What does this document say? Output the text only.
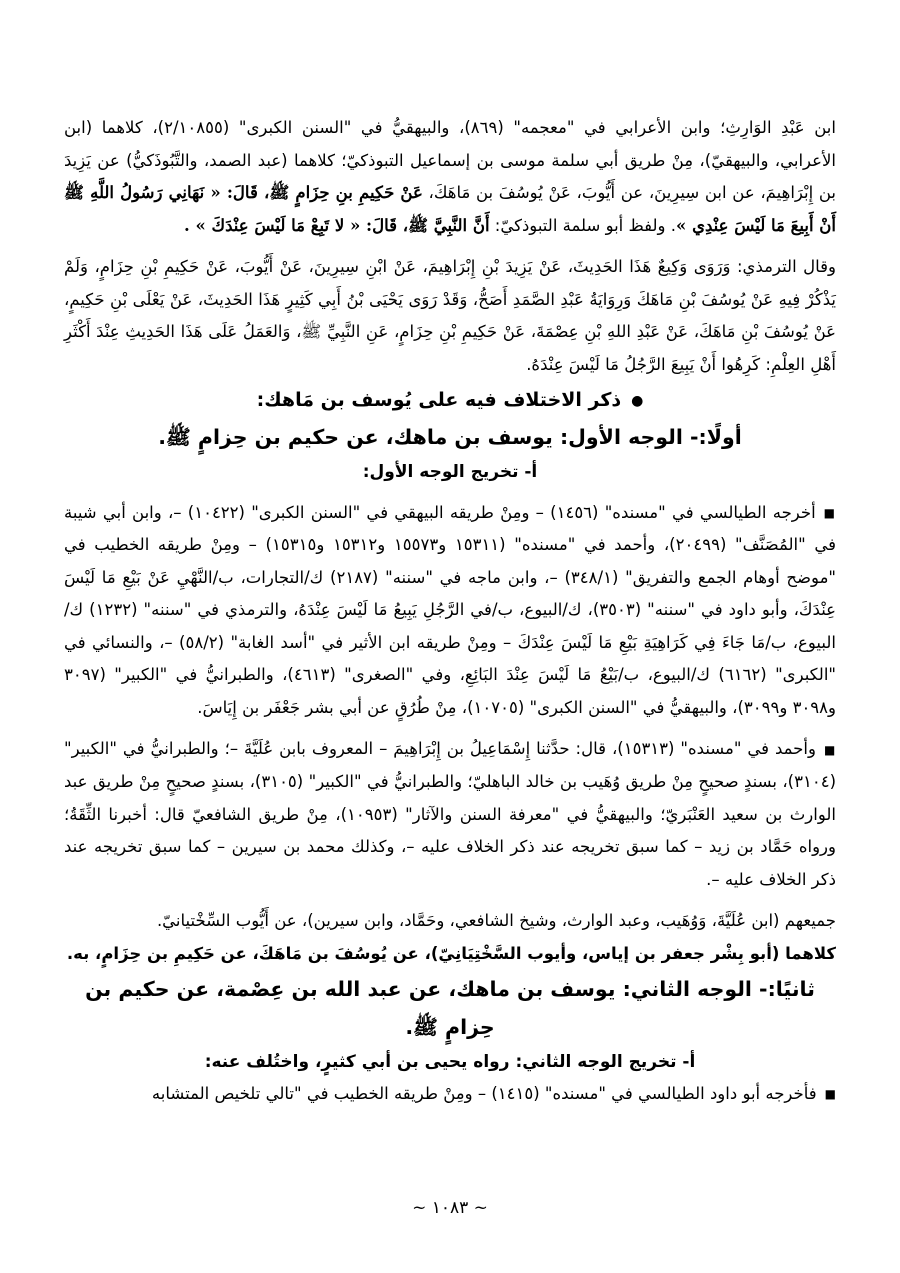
ابن عَبْدِ الوَارِثِ؛ وابن الأعرابي في "معجمه" (٨٦٩)، والبيهقيُّ في "السنن الكبرى" (٢/١٠٨٥٥)، كلاهما (ابن الأعرابي، والبيهقيّ)، مِنْ طريق أبي سلمة موسى بن إسماعيل التبوذكيّ؛ كلاهما (عبد الصمد، والتَّبُوذَكيُّ) عن يَزِيدَ بن إِبْرَاهِيمَ، عن ابن سِيرِينَ، عن أَيُّوبَ، عَنْ يُوسُفَ بن مَاهَكَ، عَنْ حَكِيمِ بنِ حِزَامٍ ﷺ، قَالَ: « نَهَانِي رَسُولُ اللَّهِ ﷺ أَنْ أَبِيعَ مَا لَيْسَ عِنْدِي ». ولفظ أبو سلمة التبوذكيّ: أَنَّ النَّبِيَّ ﷺ، قَالَ: « لا تَبِعْ مَا لَيْسَ عِنْدَكَ » .

وقال الترمذي: وَرَوَى وَكِيعٌ هَذَا الحَدِيثَ، عَنْ يَزِيدَ بْنِ إِبْرَاهِيمَ، عَنْ ابْنِ سِيرِينَ، عَنْ أَيُّوبَ، عَنْ حَكِيمِ بْنِ حِزَامٍ، وَلَمْ يَذْكُرْ فِيهِ عَنْ يُوسُفَ بْنِ مَاهَكَ وَرِوَايَةُ عَبْدِ الصَّمَدِ أَصَحُّ، وَقَدْ رَوَى يَحْيَى بْنُ أَبِي كَثِيرٍ هَذَا الحَدِيثَ، عَنْ يَعْلَى بْنِ حَكِيمٍ، عَنْ يُوسُفَ بْنِ مَاهَكَ، عَنْ عَبْدِ اللهِ بْنِ عِصْمَةَ، عَنْ حَكِيمِ بْنِ حِزَامٍ، عَنِ النَّبِيِّ ﷺ، وَالعَمَلُ عَلَى هَذَا الحَدِيثِ عِنْدَ أَكْثَرِ أَهْلِ العِلْمِ: كَرِهُوا أَنْ يَبِيعَ الرَّجُلُ مَا لَيْسَ عِنْدَهُ.

●ذكر الاختلاف فيه على يُوسف بن مَاهك:

أولًا:- الوجه الأول: يوسف بن ماهك، عن حكيم بن حِزامٍ ﷺ.

أ- تخريج الوجه الأول:

■أخرجه الطيالسي في "مسنده" (١٤٥٦) – ومِنْ طريقه البيهقي في "السنن الكبرى" (١٠٤٢٢) –، وابن أبي شيبة في "المُصَنَّف" (٢٠٤٩٩)، وأحمد في "مسنده" (١٥٣١١ و١٥٥٧٣ و١٥٣١٢ و١٥٣١٥) – ومِنْ طريقه الخطيب في "موضح أوهام الجمع والتفريق" (٣٤٨/١) –، وابن ماجه في "سننه" (٢١٨٧) ك/التجارات، ب/النَّهْيِ عَنْ بَيْعِ مَا لَيْسَ عِنْدَكَ، وأبو داود في "سننه" (٣٥٠٣)، ك/البيوع، ب/في الرَّجُلِ يَبِيعُ مَا لَيْسَ عِنْدَهُ، والترمذي في "سننه" (١٢٣٢) ك/البيوع، ب/مَا جَاءَ فِي كَرَاهِيَةِ بَيْعِ مَا لَيْسَ عِنْدَكَ – ومِنْ طريقه ابن الأثير في "أسد الغابة" (٥٨/٢) –، والنسائي في "الكبرى" (٦١٦٢) ك/البيوع، ب/بَيْعُ مَا لَيْسَ عِنْدَ البَائِعِ، وفي "الصغرى" (٤٦١٣)، والطبرانيُّ في "الكبير" (٣٠٩٧ و٣٠٩٨ و٣٠٩٩)، والبيهقيُّ في "السنن الكبرى" (١٠٧٠٥)، مِنْ طُرُقٍ عن أبي بشر جَعْفَر بن إِيَاسَ.

■وأحمد في "مسنده" (١٥٣١٣)، قال: حدَّثنا إِسْمَاعِيلُ بن إِبْرَاهِيمَ – المعروف بابن عُلَيَّةَ –؛ والطبرانيُّ في "الكبير" (٣١٠٤)، بسندٍ صحيحٍ مِنْ طريق وُهَيب بن خالد الباهليّ؛ والطبرانيُّ في "الكبير" (٣١٠٥)، بسندٍ صحيحٍ مِنْ طريق عبد الوارث بن سعيد العَنْبَريّ؛ والبيهقيُّ في "معرفة السنن والآثار" (١٠٩٥٣)، مِنْ طريق الشافعيّ قال: أخبرنا الثِّقَةُ؛ ورواه حَمَّاد بن زيد – كما سبق تخريجه عند ذكر الخلاف عليه –، وكذلك محمد بن سيرين – كما سبق تخريجه عند ذكر الخلاف عليه –.

جميعهم (ابن عُلَيَّةَ، وَوُهَيب، وعبد الوارث، وشيخ الشافعي، وحَمَّاد، وابن سيرين)، عن أَيُّوب السِّخْتيانيّ.

كلاهما (أبو بِشْر جعفر بن إياس، وأيوب السَّخْتِيَانِيّ)، عن يُوسُفَ بن مَاهَكَ، عن حَكِيمِ بن حِزَامٍ، به.

ثانيًا:- الوجه الثاني: يوسف بن ماهك، عن عبد الله بن عِصْمة، عن حكيم بن حِزامٍ ﷺ.

أ- تخريج الوجه الثاني: رواه يحيى بن أبي كثيرٍ، واختُلف عنه:

■فأخرجه أبو داود الطيالسي في "مسنده" (١٤١٥) – ومِنْ طريقه الخطيب في "تالي تلخيص المتشابه

~ ١٠٨٣ ~
